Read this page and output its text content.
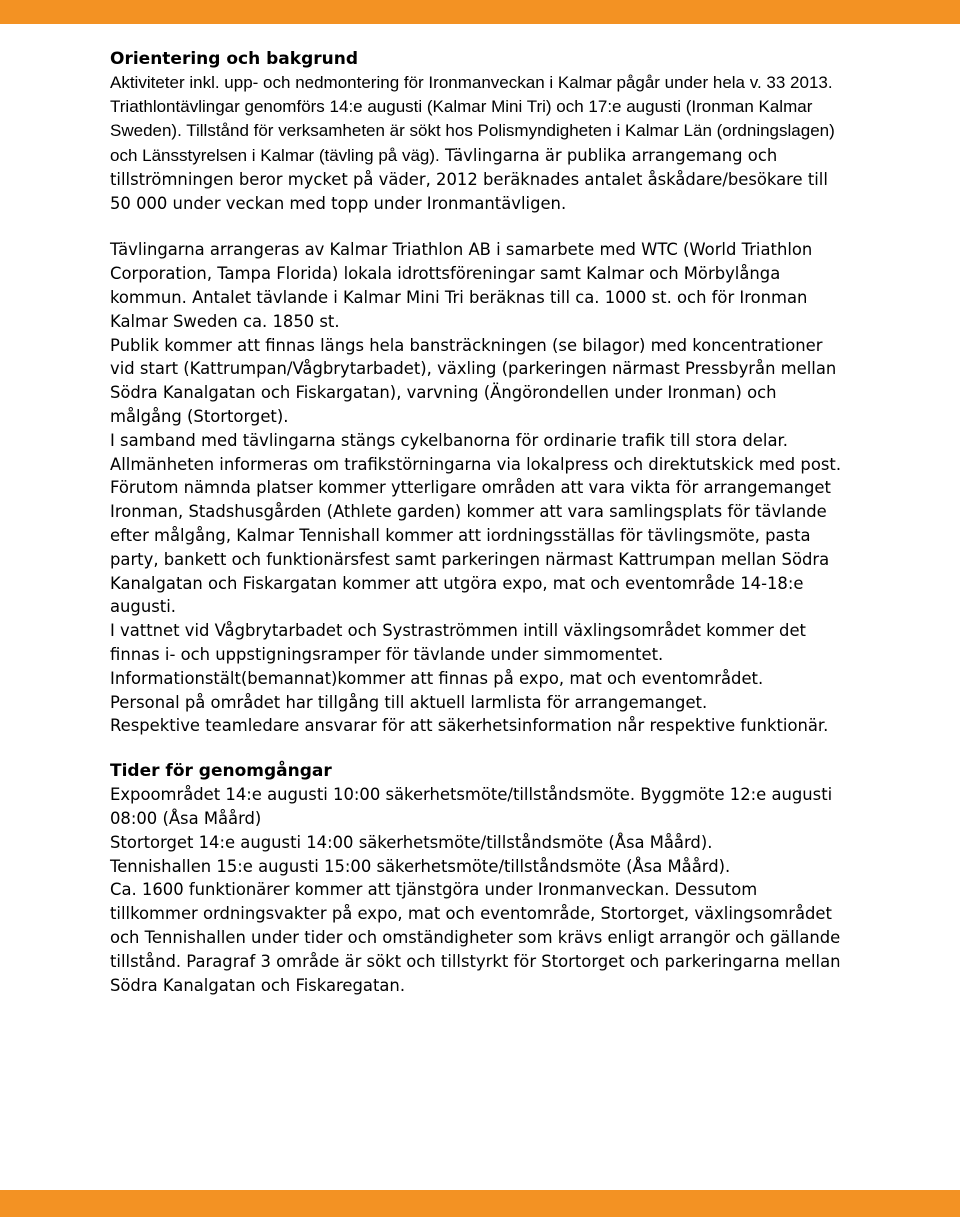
Orientering och bakgrund

Aktiviteter inkl. upp- och nedmontering för Ironmanveckan i Kalmar pågår under hela v. 33 2013. Triathlontävlingar genomförs 14:e augusti (Kalmar Mini Tri) och 17:e augusti (Ironman Kalmar Sweden). Tillstånd för verksamheten är sökt hos Polismyndigheten i Kalmar Län (ordningslagen) och Länsstyrelsen i Kalmar (tävling på väg). Tävlingarna är publika arrangemang och tillströmningen beror mycket på väder, 2012 beräknades antalet åskådare/besökare till 50 000 under veckan med topp under Ironmantävligen.

Tävlingarna arrangeras av Kalmar Triathlon AB i samarbete med WTC (World Triathlon Corporation, Tampa Florida) lokala idrottsföreningar samt Kalmar och Mörbylånga kommun. Antalet tävlande i Kalmar Mini Tri beräknas till ca. 1000 st. och för Ironman Kalmar Sweden ca. 1850 st.

Publik kommer att finnas längs hela bansträckningen (se bilagor) med koncentrationer vid start (Kattrumpan/Vågbrytarbadet), växling (parkeringen närmast Pressbyrån mellan Södra Kanalgatan och Fiskargatan), varvning (Ängörondellen under Ironman) och målgång (Stortorget).

I samband med tävlingarna stängs cykelbanorna för ordinarie trafik till stora delar. Allmänheten informeras om trafikstörningarna via lokalpress och direktutskick med post.

Förutom nämnda platser kommer ytterligare områden att vara vikta för arrangemanget Ironman, Stadshusgården (Athlete garden) kommer att vara samlingsplats för tävlande efter målgång, Kalmar Tennishall kommer att iordningsställas för tävlingsmöte, pasta party, bankett och funktionärsfest samt parkeringen närmast Kattrumpan mellan Södra Kanalgatan och Fiskargatan kommer att utgöra expo, mat och eventområde 14-18:e augusti.

I vattnet vid Vågbrytarbadet och Systraströmmen intill växlingsområdet kommer det finnas i- och uppstigningsramper för tävlande under simmomentet.

Informationstält(bemannat)kommer att finnas på expo, mat och eventområdet.

Personal på området har tillgång till aktuell larmlista för arrangemanget.

Respektive teamledare ansvarar för att säkerhetsinformation når respektive funktionär.

Tider för genomgångar

Expoområdet 14:e augusti 10:00 säkerhetsmöte/tillståndsmöte. Byggmöte 12:e augusti 08:00 (Åsa Måård)

Stortorget 14:e augusti 14:00 säkerhetsmöte/tillståndsmöte (Åsa Måård).

Tennishallen 15:e augusti 15:00 säkerhetsmöte/tillståndsmöte (Åsa Måård).

Ca. 1600 funktionärer kommer att tjänstgöra under Ironmanveckan. Dessutom tillkommer ordningsvakter på expo, mat och eventområde, Stortorget, växlingsområdet och Tennishallen under tider och omständigheter som krävs enligt arrangör och gällande tillstånd. Paragraf 3 område är sökt och tillstyrkt för Stortorget och parkeringarna mellan Södra Kanalgatan och Fiskaregatan.
